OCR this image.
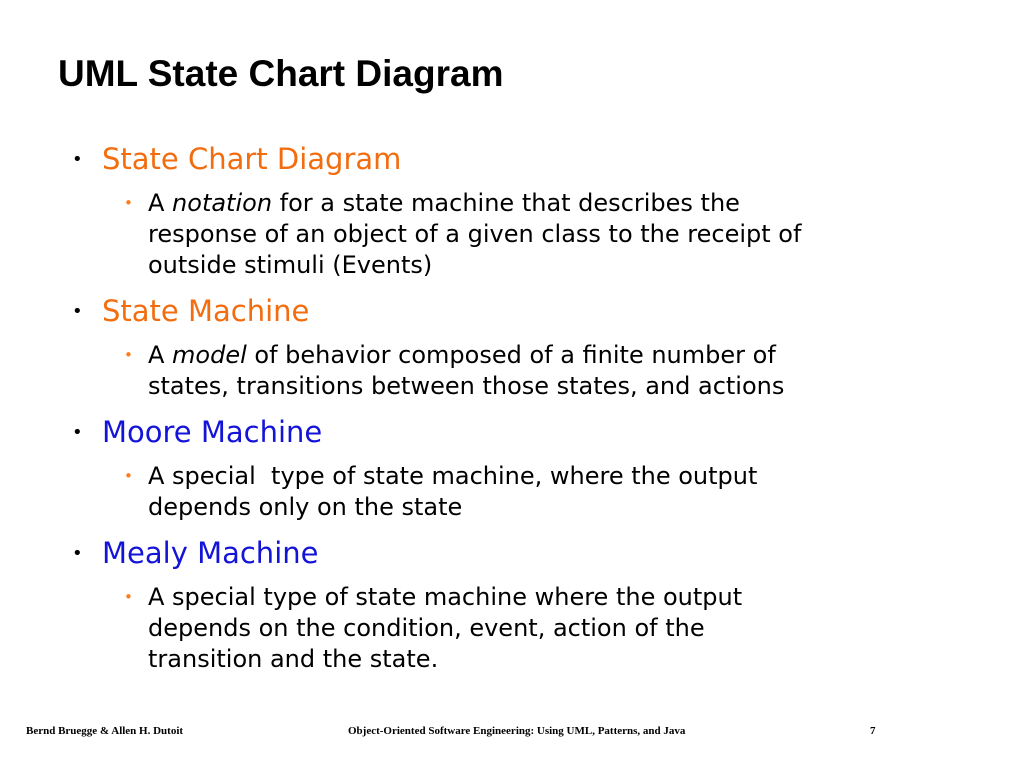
UML State Chart Diagram
• State Chart Diagram
• A notation for a state machine that describes the
response of an object of a given class to the receipt of
outside stimuli (Events)
• State Machine
• A model of behavior composed of a finite number of
states, transitions between those states, and actions
• Moore Machine
• A special  type of state machine, where the output
depends only on the state
• Mealy Machine
• A special type of state machine where the output
depends on the condition, event, action of the
transition and the state.
Bernd Bruegge & Allen H. Dutoit	Object-Oriented Software Engineering: Using UML, Patterns, and Java	7
